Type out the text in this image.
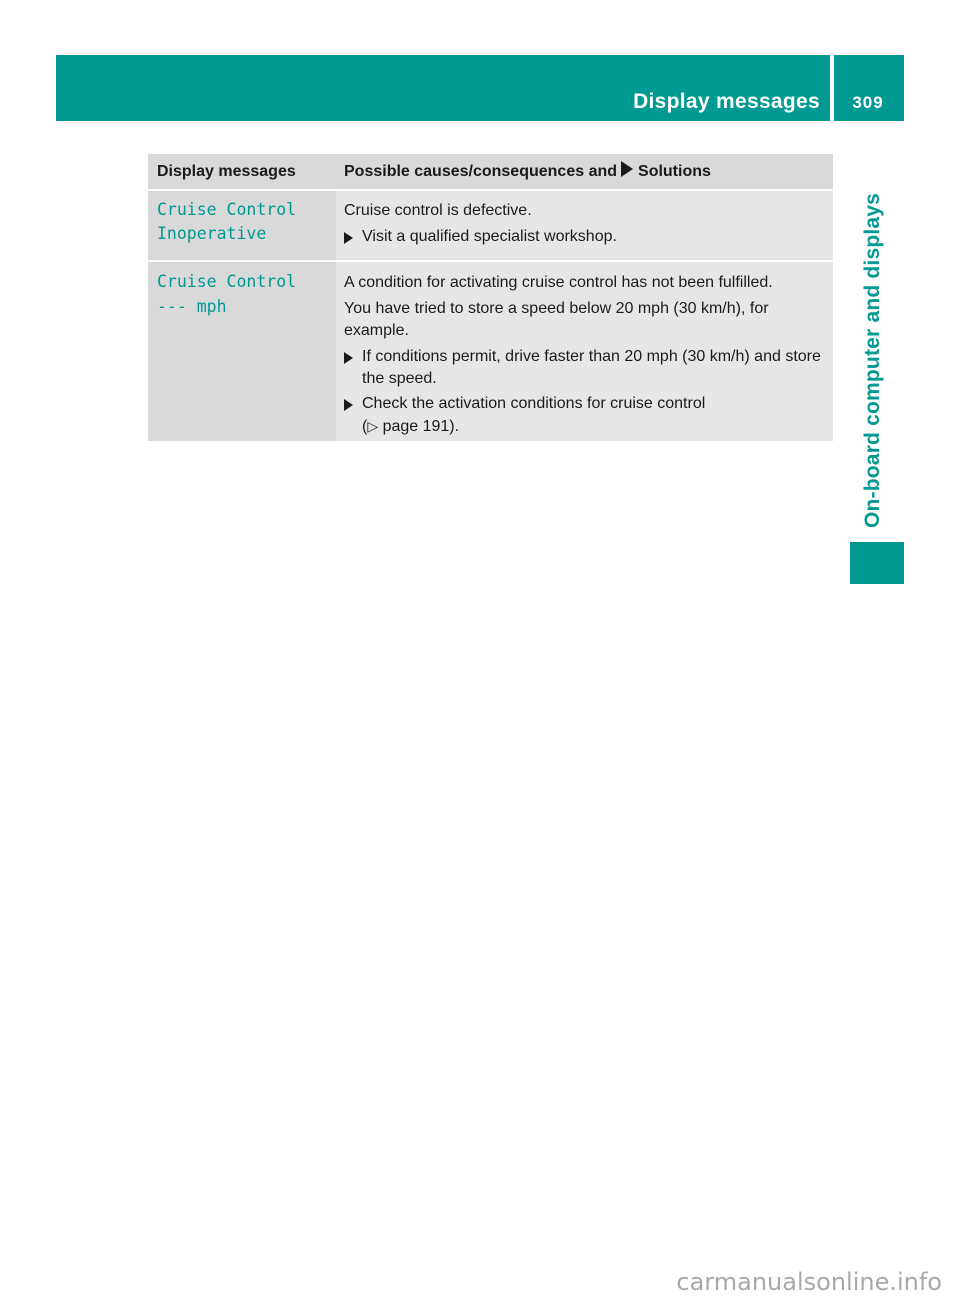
Display messages	309
On-board computer and displays
Display messages	Possible causes/consequences and Solutions
Cruise Control
Inoperative

Cruise control is defective.

Visit a qualified specialist workshop.
Cruise Control
--- mph

A condition for activating cruise control has not been fulfilled.

You have tried to store a speed below 20 mph (30 km/h), for example.

If conditions permit, drive faster than 20 mph (30 km/h) and store the speed.
Check the activation conditions for cruise control
(▷ page 191).
carmanualsonline.info
